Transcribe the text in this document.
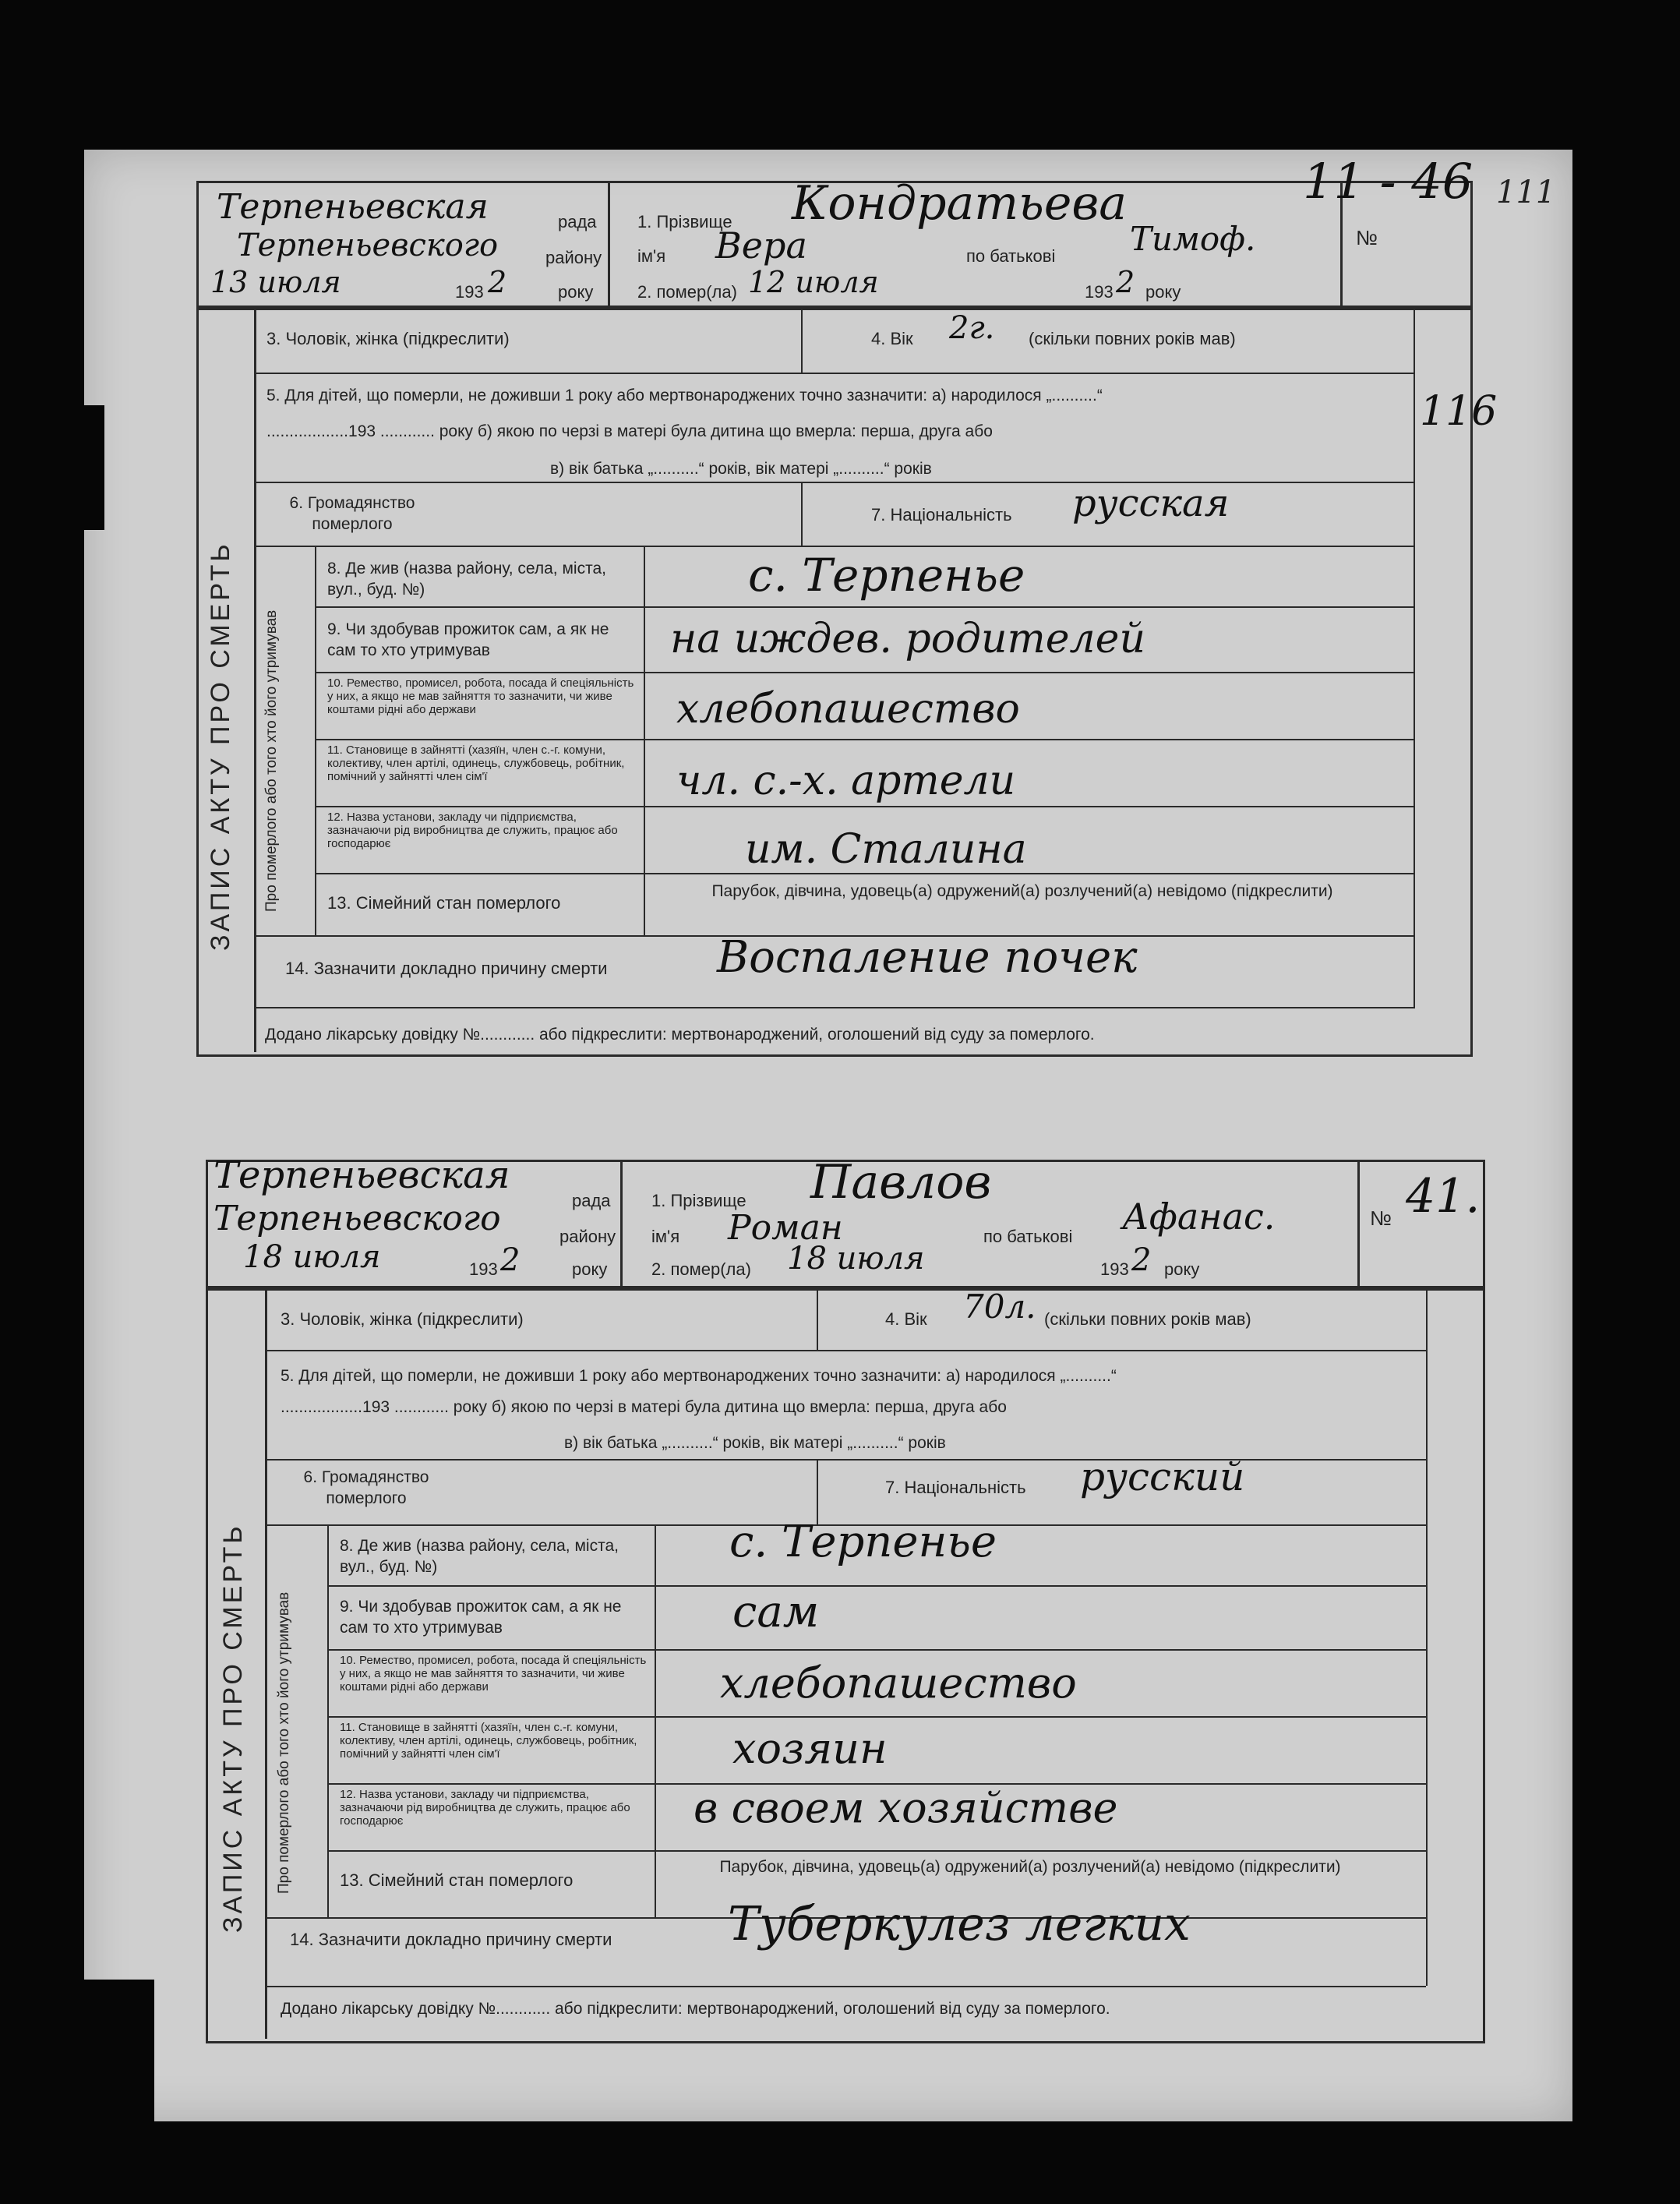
111
Терпеньевская	рада
Терпеньевского	району
13 июля	193 2	року
1. Прізвище Кондратьева
ім'я Вера	по батькові Тимоф.
2. помер(ла) 12 июля	193 2 року
№
11 - 46
ЗАПИС АКТУ ПРО СМЕРТЬ Про померлого або того хто його утримував
3. Чоловік, жінка (підкреслити)	4. Вік 2г. (скільки повних років мав)
5. Для дітей, що померли, не доживши 1 року або мертвонароджених точно зазначити: а) народилося „..........“
..................193 ............ року б) якою по черзі в матері була дитина що вмерла: перша, друга або
в) вік батька „..........“ років, вік матері „..........“ років
116
6. Громадянство померлого	7. Національність русская
8. Де жив (назва району, села, міста, вул., буд. №)	с. Терпенье
9. Чи здобував прожиток сам, а як не сам то хто утримував	на иждев. родителей
10. Ремество, промисел, робота, посада й спеціяльність у них, а якщо не мав зайняття то зазначити, чи живе коштами рідні або держави	хлебопашество
11. Становище в зайнятті (хазяїн, член с.-г. комуни, колективу, член артілі, одинець, службовець, робітник, помічний у зайнятті член сім'ї	чл. с.-х. артели
12. Назва установи, закладу чи підприємства, зазначаючи рід виробництва де служить, працює або господарює	им. Сталина
13. Сімейний стан померлого
Парубок, дівчина, удовець(а) одружений(а) розлучений(а) невідомо (підкреслити)
14. Зазначити докладно причину смерти	Воспаление почек
Додано лікарську довідку №............ або підкреслити: мертвонароджений, оголошений від суду за померлого.
Терпеньевская
рада
Терпеньевского	району
18 июля	193 2	року
1. Прізвище Павлов
ім'я Роман	по батькові Афанас.
2. помер(ла) 18 июля	193 2 року
№ 41.
ЗАПИС АКТУ ПРО СМЕРТЬ Про померлого або того хто його утримував
3. Чоловік, жінка (підкреслити)	4. Вік 70л. (скільки повних років мав)
5. Для дітей, що померли, не доживши 1 року або мертвонароджених точно зазначити: а) народилося „..........“
..................193 ............ року б) якою по черзі в матері була дитина що вмерла: перша, друга або
в) вік батька „..........“ років, вік матері „..........“ років
6. Громадянство померлого
7. Національність русский
8. Де жив (назва району, села, міста, вул., буд. №)	с. Терпенье
9. Чи здобував прожиток сам, а як не сам то хто утримував	сам
10. Ремество, промисел, робота, посада й спеціяльність у них, а якщо не мав зайняття то зазначити, чи живе коштами рідні або держави	хлебопашество
11. Становище в зайнятті (хазяїн, член с.-г. комуни, колективу, член артілі, одинець, службовець, робітник, помічний у зайнятті член сім'ї	хозяин
12. Назва установи, закладу чи підприємства, зазначаючи рід виробництва де служить, працює або господарює	в своем хозяйстве
13. Сімейний стан померлого
Парубок, дівчина, удовець(а) одружений(а) розлучений(а) невідомо (підкреслити)
14. Зазначити докладно причину смерти Туберкулез легких
Додано лікарську довідку №............ або підкреслити: мертвонароджений, оголошений від суду за померлого.
